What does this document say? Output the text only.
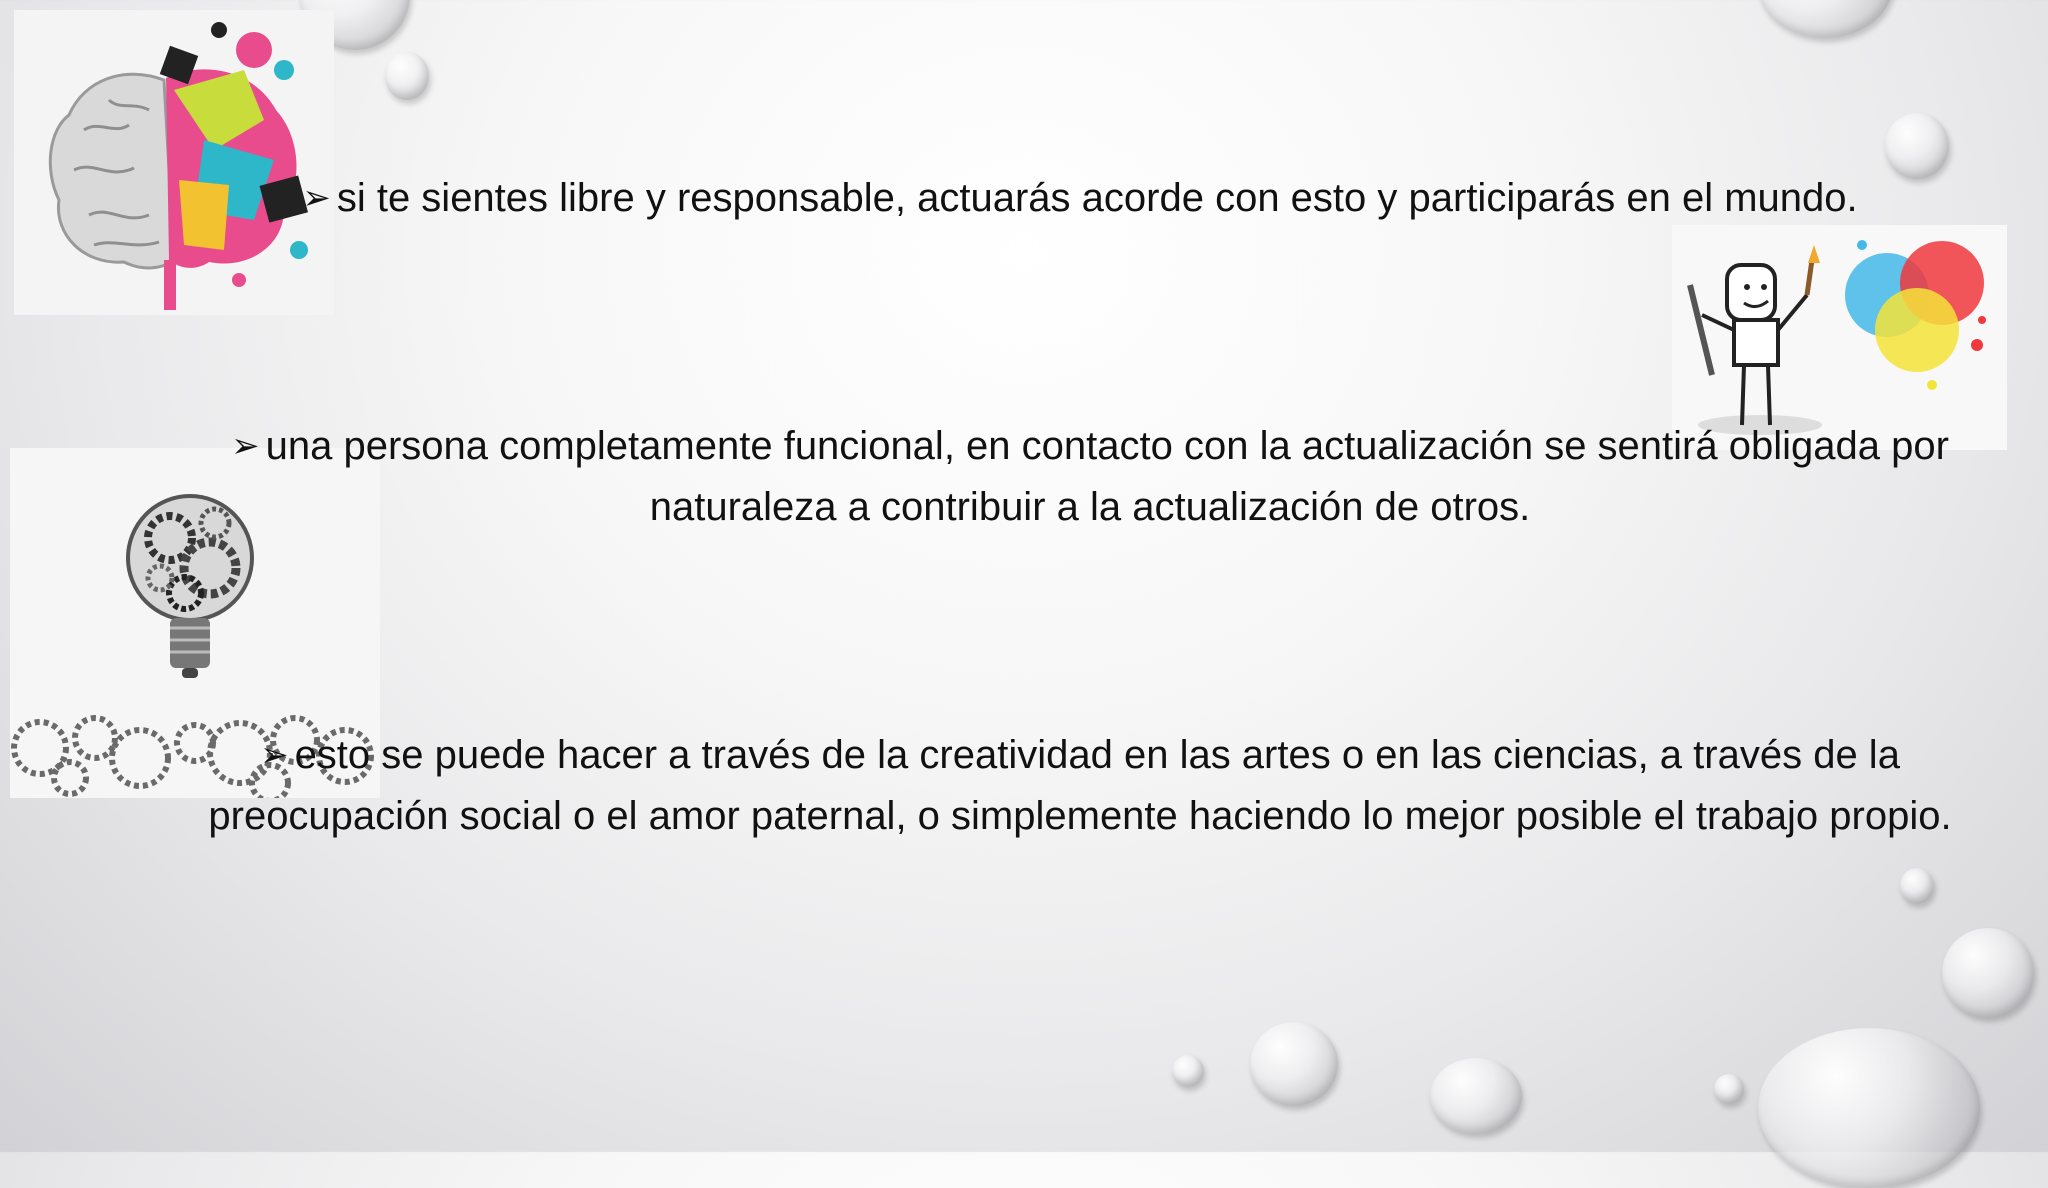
➢ si te sientes libre y responsable, actuarás acorde con esto y participarás en el mundo.
➢ una persona completamente funcional, en contacto con la actualización se sentirá obligada por naturaleza a contribuir a la actualización de otros.
➢ esto se puede hacer a través de la creatividad en las artes o en las ciencias, a través de la preocupación social o el amor paternal, o simplemente haciendo lo mejor posible el trabajo propio.
